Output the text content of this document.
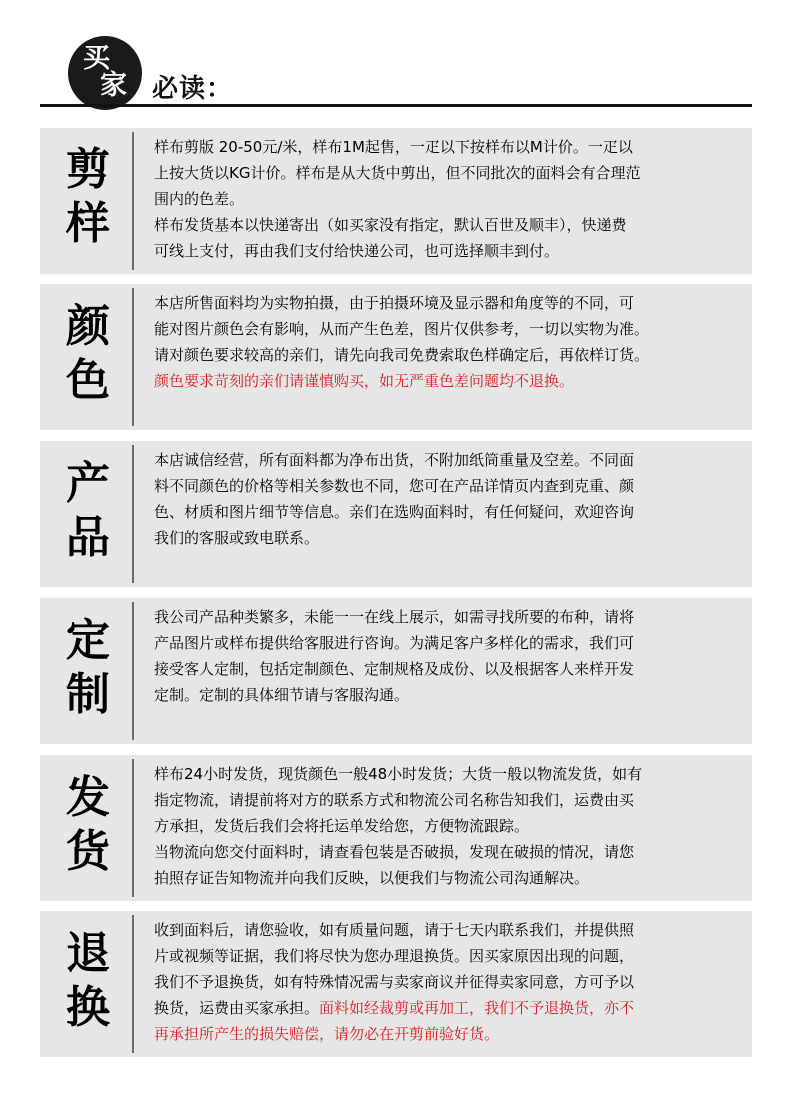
买
家 必读：
剪
样
样布剪版 20-50元/米，样布1M起售，一疋以下按样布以M计价。一疋以
上按大货以KG计价。样布是从大货中剪出，但不同批次的面料会有合理范
围内的色差。
样布发货基本以快递寄出（如买家没有指定，默认百世及顺丰），快递费
可线上支付，再由我们支付给快递公司，也可选择顺丰到付。
颜
色
本店所售面料均为实物拍摄，由于拍摄环境及显示器和角度等的不同，可
能对图片颜色会有影响，从而产生色差，图片仅供参考，一切以实物为准。
请对颜色要求较高的亲们，请先向我司免费索取色样确定后，再依样订货。
颜色要求苛刻的亲们请谨慎购买，如无严重色差问题均不退换。
产
品
本店诚信经营，所有面料都为净布出货，不附加纸筒重量及空差。不同面
料不同颜色的价格等相关参数也不同，您可在产品详情页内查到克重、颜
色、材质和图片细节等信息。亲们在选购面料时，有任何疑问，欢迎咨询
我们的客服或致电联系。
定
制
我公司产品种类繁多，未能一一在线上展示，如需寻找所要的布种，请将
产品图片或样布提供给客服进行咨询。为满足客户多样化的需求，我们可
接受客人定制，包括定制颜色、定制规格及成份、以及根据客人来样开发
定制。定制的具体细节请与客服沟通。
发
货
样布24小时发货，现货颜色一般48小时发货；大货一般以物流发货，如有
指定物流，请提前将对方的联系方式和物流公司名称告知我们，运费由买
方承担，发货后我们会将托运单发给您，方便物流跟踪。
当物流向您交付面料时，请查看包装是否破损，发现在破损的情况，请您
拍照存证告知物流并向我们反映，以便我们与物流公司沟通解决。
退
换
收到面料后，请您验收，如有质量问题，请于七天内联系我们，并提供照
片或视频等证据，我们将尽快为您办理退换货。因买家原因出现的问题，
我们不予退换货，如有特殊情况需与卖家商议并征得卖家同意，方可予以
换货，运费由买家承担。面料如经裁剪或再加工，我们不予退换货，亦不
再承担所产生的损失赔偿，请勿必在开剪前验好货。
